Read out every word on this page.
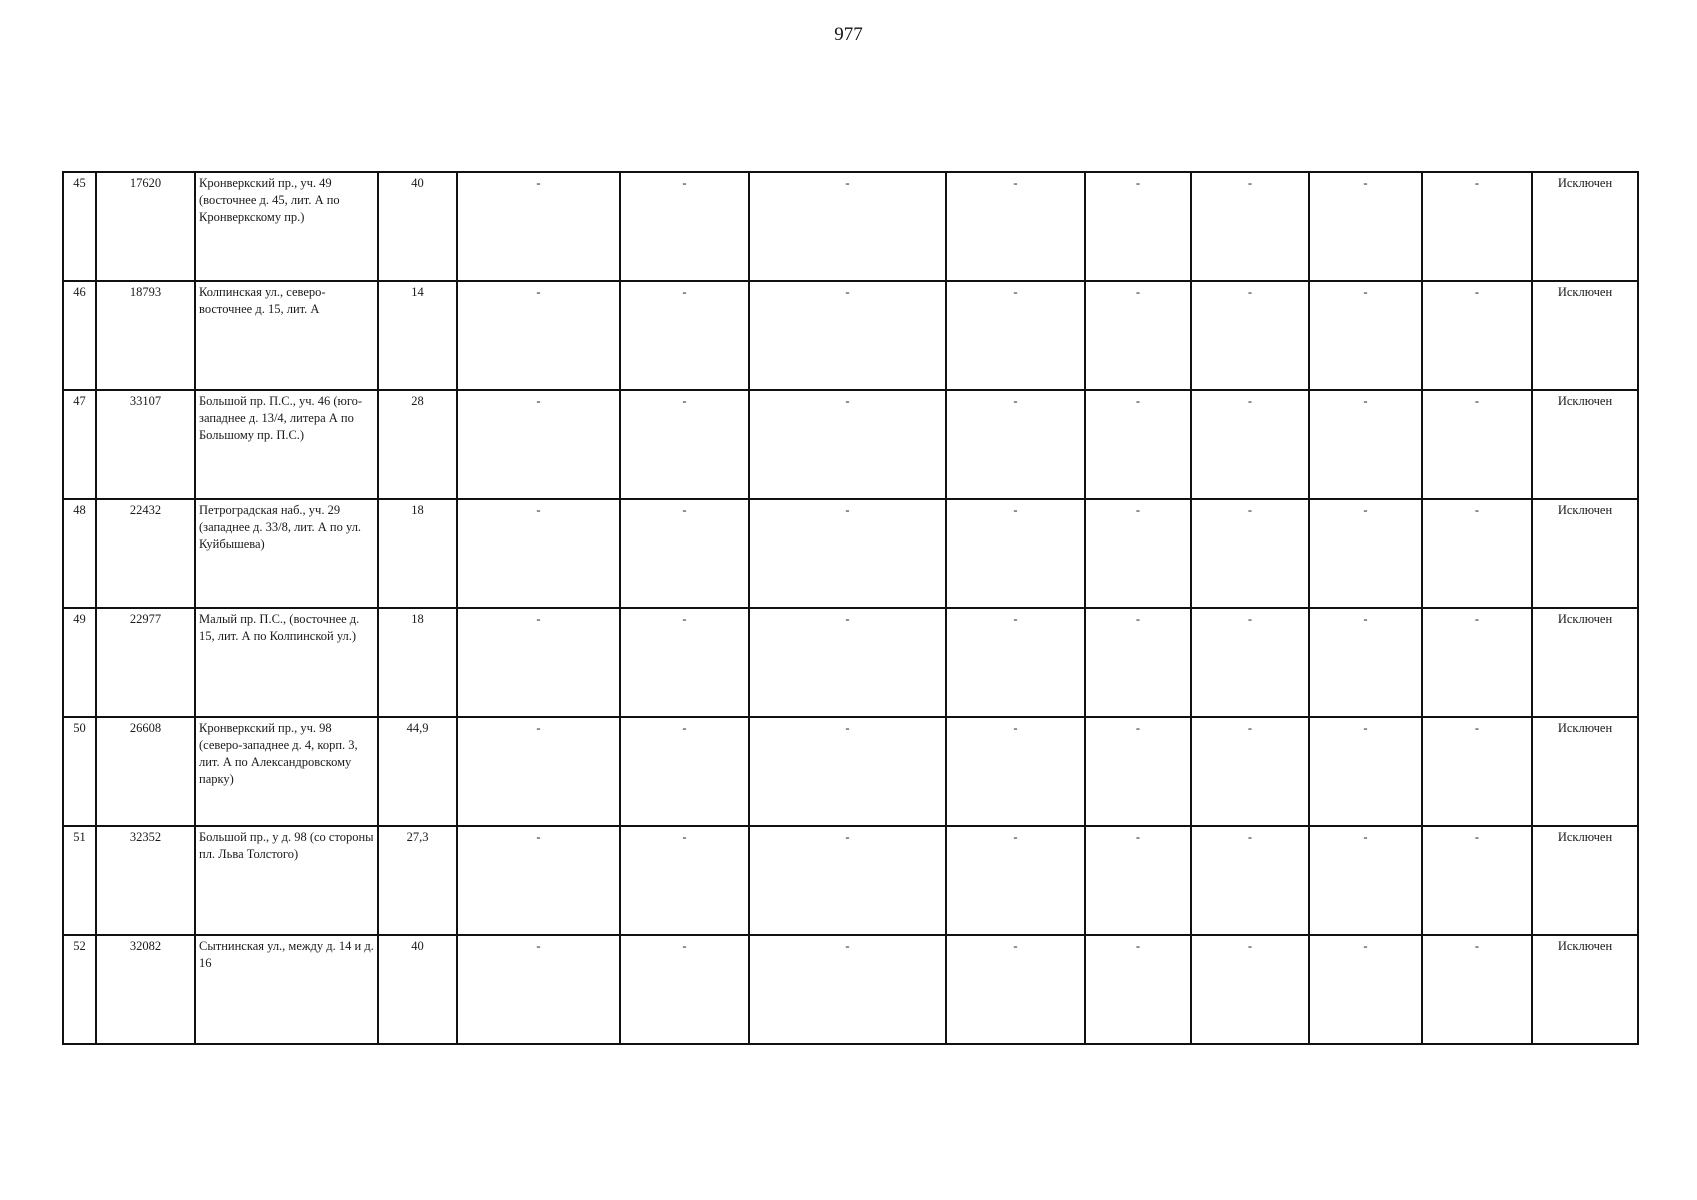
977
45	17620	Кронверкский пр., уч. 49 (восточнее д. 45, лит. А по Кронверкскому пр.)	40	-	-	-	-	-	-	-	-	Исключен
46	18793	Колпинская ул., северо-восточнее д. 15, лит. А	14	-	-	-	-	-	-	-	-	Исключен
47	33107	Большой пр. П.С., уч. 46 (юго-западнее д. 13/4, литера А по Большому пр. П.С.)	28	-	-	-	-	-	-	-	-	Исключен
48	22432	Петроградская наб., уч. 29 (западнее д. 33/8, лит. А по ул. Куйбышева)	18	-	-	-	-	-	-	-	-	Исключен
49	22977	Малый пр. П.С., (восточнее д. 15, лит. А по Колпинской ул.)	18	-	-	-	-	-	-	-	-	Исключен
50	26608	Кронверкский пр., уч. 98 (северо-западнее д. 4, корп. 3, лит. А по Александровскому парку)	44,9	-	-	-	-	-	-	-	-	Исключен
51	32352	Большой пр., у д. 98 (со стороны пл. Льва Толстого)	27,3	-	-	-	-	-	-	-	-	Исключен
52	32082	Сытнинская ул., между д. 14 и д. 16	40	-	-	-	-	-	-	-	-	Исключен
